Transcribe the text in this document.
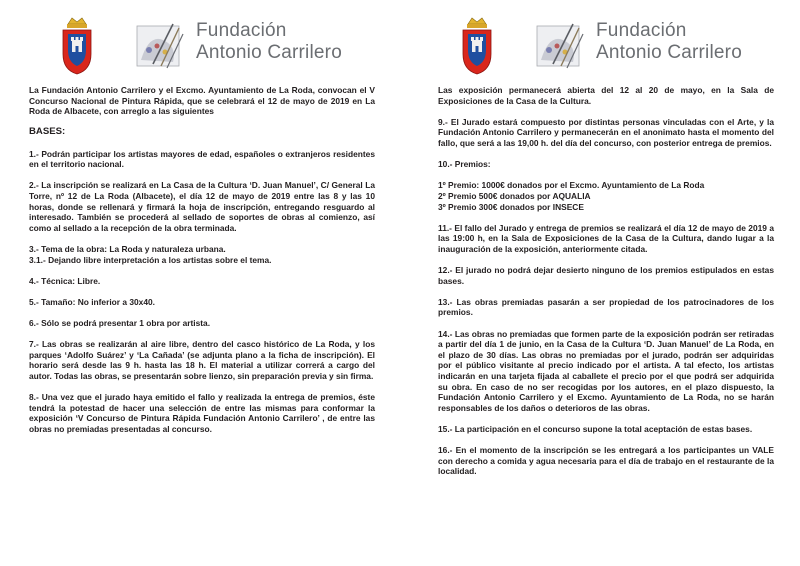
Fundación
Antonio Carrilero

La Fundación Antonio Carrilero y el Excmo. Ayuntamiento de La Roda, convocan el V Concurso Nacional de Pintura Rápida, que se celebrará el 12 de mayo de 2019 en La Roda de Albacete, con arreglo a las siguientes

BASES:

1.- Podrán participar los artistas mayores de edad, españoles o extranjeros residentes en el territorio nacional.

2.- La inscripción se realizará en La Casa de la Cultura ‘D. Juan Manuel’, C/ General La Torre, nº 12 de La Roda (Albacete), el día 12 de mayo de 2019 entre las 8 y las 10 horas, donde se rellenará y firmará la hoja de inscripción, entregando resguardo al interesado. También se procederá al sellado de soportes de obras al comienzo, así como al sellado a la recepción de la obra terminada.

3.- Tema de la obra: La Roda y naturaleza urbana.

3.1.- Dejando libre interpretación a los artistas sobre el tema.

4.- Técnica: Libre.

5.- Tamaño: No inferior a 30x40.

6.- Sólo se podrá presentar 1 obra por artista.

7.- Las obras se realizarán al aire libre, dentro del casco histórico de La Roda, y los parques ‘Adolfo Suárez’ y ‘La Cañada’ (se adjunta plano a la ficha de inscripción). El horario será desde las 9 h. hasta las 18 h. El material a utilizar correrá a cargo del autor. Todas las obras, se presentarán sobre lienzo, sin preparación previa y sin firma.

8.- Una vez que el jurado haya emitido el fallo y realizada la entrega de premios, éste tendrá la potestad de hacer una selección de entre las mismas para conformar la exposición ‘V Concurso de Pintura Rápida Fundación Antonio Carrilero’ , de entre las obras no premiadas presentadas al concurso.

Fundación
Antonio Carrilero

Las exposición permanecerá abierta del 12 al 20 de mayo, en la Sala de Exposiciones de la Casa de la Cultura.

9.- El Jurado estará compuesto por distintas personas vinculadas con el Arte, y la Fundación Antonio Carrilero y permanecerán en el anonimato hasta el momento del fallo, que será a las 19,00 h. del día del concurso, con posterior entrega de premios.

10.- Premios:

1º Premio: 1000€ donados por el Excmo. Ayuntamiento de La Roda

2º Premio 500€ donados por AQUALIA

3º Premio 300€ donados por INSECE

11.- El fallo del Jurado y entrega de premios se realizará el día 12 de mayo de 2019 a las 19:00 h, en la Sala de Exposiciones de la Casa de la Cultura, dando lugar a la inauguración de la exposición, anteriormente citada.

12.- El jurado no podrá dejar desierto ninguno de los premios estipulados en estas bases.

13.- Las obras premiadas pasarán a ser propiedad de los patrocinadores de los premios.

14.- Las obras no premiadas que formen parte de la exposición podrán ser retiradas a partir del día 1 de junio, en la Casa de la Cultura ‘D. Juan Manuel’ de La Roda, en el plazo de 30 días. Las obras no premiadas por el jurado, podrán ser adquiridas por el público visitante al precio indicado por el artista. A tal efecto, los artistas indicarán en una tarjeta fijada al caballete el precio por el que podrá ser adquirida su obra. En caso de no ser recogidas por los autores, en el plazo dispuesto, la Fundación Antonio Carrilero y el Excmo. Ayuntamiento de La Roda, no se harán responsables de los daños o deterioros de las obras.

15.- La participación en el concurso supone la total aceptación de estas bases.

16.- En el momento de la inscripción se les entregará a los participantes un VALE con derecho a comida y agua necesaria para el día de trabajo en el restaurante de la localidad.
